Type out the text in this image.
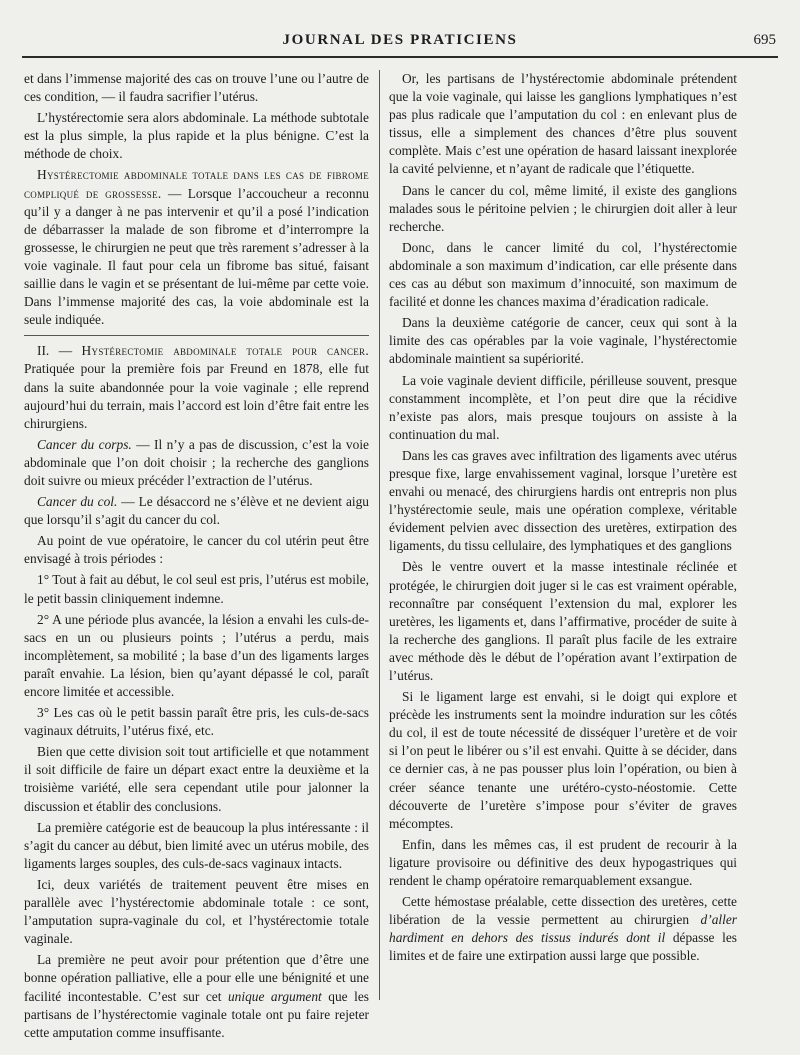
JOURNAL DES PRATICIENS	695

et dans l’immense majorité des cas on trouve l’une ou l’autre de ces condition, — il faudra sacrifier l’utérus.

L’hystérectomie sera alors abdominale. La méthode subtotale est la plus simple, la plus rapide et la plus bénigne. C’est la méthode de choix.

Hystérectomie abdominale totale dans les cas de fibrome compliqué de grossesse. — Lorsque l’accoucheur a reconnu qu’il y a danger à ne pas intervenir et qu’il a posé l’indication de débarrasser la malade de son fibrome et d’interrompre la grossesse, le chirurgien ne peut que très rarement s’adresser à la voie vaginale. Il faut pour cela un fibrome bas situé, faisant saillie dans le vagin et se présentant de lui-même par cette voie. Dans l’immense majorité des cas, la voie abdominale est la seule indiquée.

II. — Hystérectomie abdominale totale pour cancer. Pratiquée pour la première fois par Freund en 1878, elle fut dans la suite abandonnée pour la voie vaginale ; elle reprend aujourd’hui du terrain, mais l’accord est loin d’être fait entre les chirurgiens.

Cancer du corps. — Il n’y a pas de discussion, c’est la voie abdominale que l’on doit choisir ; la recherche des ganglions doit suivre ou mieux précéder l’extraction de l’utérus.

Cancer du col. — Le désaccord ne s’élève et ne devient aigu que lorsqu’il s’agit du cancer du col.

Au point de vue opératoire, le cancer du col utérin peut être envisagé à trois périodes :

1° Tout à fait au début, le col seul est pris, l’utérus est mobile, le petit bassin cliniquement indemne.

2° A une période plus avancée, la lésion a envahi les culs-de-sacs en un ou plusieurs points ; l’utérus a perdu, mais incomplètement, sa mobilité ; la base d’un des ligaments larges paraît envahie. La lésion, bien qu’ayant dépassé le col, paraît encore limitée et accessible.

3° Les cas où le petit bassin paraît être pris, les culs-de-sacs vaginaux détruits, l’utérus fixé, etc.

Bien que cette division soit tout artificielle et que notamment il soit difficile de faire un départ exact entre la deuxième et la troisième variété, elle sera cependant utile pour jalonner la discussion et établir des conclusions.

La première catégorie est de beaucoup la plus intéressante : il s’agit du cancer au début, bien limité avec un utérus mobile, des ligaments larges souples, des culs-de-sacs vaginaux intacts.

Ici, deux variétés de traitement peuvent être mises en parallèle avec l’hystérectomie abdominale totale : ce sont, l’amputation supra-vaginale du col, et l’hystérectomie totale vaginale.

La première ne peut avoir pour prétention que d’être une bonne opération palliative, elle a pour elle une bénignité et une facilité incontestable. C’est sur cet unique argument que les partisans de l’hystérectomie vaginale totale ont pu faire rejeter cette amputation comme insuffisante.

Or, les partisans de l’hystérectomie abdominale prétendent que la voie vaginale, qui laisse les ganglions lymphatiques n’est pas plus radicale que l’amputation du col : en enlevant plus de tissus, elle a simplement des chances d’être plus souvent complète. Mais c’est une opération de hasard laissant inexplorée la cavité pelvienne, et n’ayant de radicale que l’étiquette.

Dans le cancer du col, même limité, il existe des ganglions malades sous le péritoine pelvien ; le chirurgien doit aller à leur recherche.

Donc, dans le cancer limité du col, l’hystérectomie abdominale a son maximum d’indication, car elle présente dans ces cas au début son maximum d’innocuité, son maximum de facilité et donne les chances maxima d’éradication radicale.

Dans la deuxième catégorie de cancer, ceux qui sont à la limite des cas opérables par la voie vaginale, l’hystérectomie abdominale maintient sa supériorité.

La voie vaginale devient difficile, périlleuse souvent, presque constamment incomplète, et l’on peut dire que la récidive n’existe pas alors, mais presque toujours on assiste à la continuation du mal.

Dans les cas graves avec infiltration des ligaments avec utérus presque fixe, large envahissement vaginal, lorsque l’uretère est envahi ou menacé, des chirurgiens hardis ont entrepris non plus l’hystérectomie seule, mais une opération complexe, véritable évidement pelvien avec dissection des uretères, extirpation des ligaments, du tissu cellulaire, des lymphatiques et des ganglions

Dès le ventre ouvert et la masse intestinale réclinée et protégée, le chirurgien doit juger si le cas est vraiment opérable, reconnaître par conséquent l’extension du mal, explorer les uretères, les ligaments et, dans l’affirmative, procéder de suite à la recherche des ganglions. Il paraît plus facile de les extraire avec méthode dès le début de l’opération avant l’extirpation de l’utérus.

Si le ligament large est envahi, si le doigt qui explore et précède les instruments sent la moindre induration sur les côtés du col, il est de toute nécessité de disséquer l’uretère et de voir si l’on peut le libérer ou s’il est envahi. Quitte à se décider, dans ce dernier cas, à ne pas pousser plus loin l’opération, ou bien à créer séance tenante une urétéro-cysto-néostomie. Cette découverte de l’uretère s’impose pour s’éviter de graves mécomptes.

Enfin, dans les mêmes cas, il est prudent de recourir à la ligature provisoire ou définitive des deux hypogastriques qui rendent le champ opératoire remarquablement exsangue.

Cette hémostase préalable, cette dissection des uretères, cette libération de la vessie permettent au chirurgien d’aller hardiment en dehors des tissus indurés dont il dépasse les limites et de faire une extirpation aussi large que possible.
